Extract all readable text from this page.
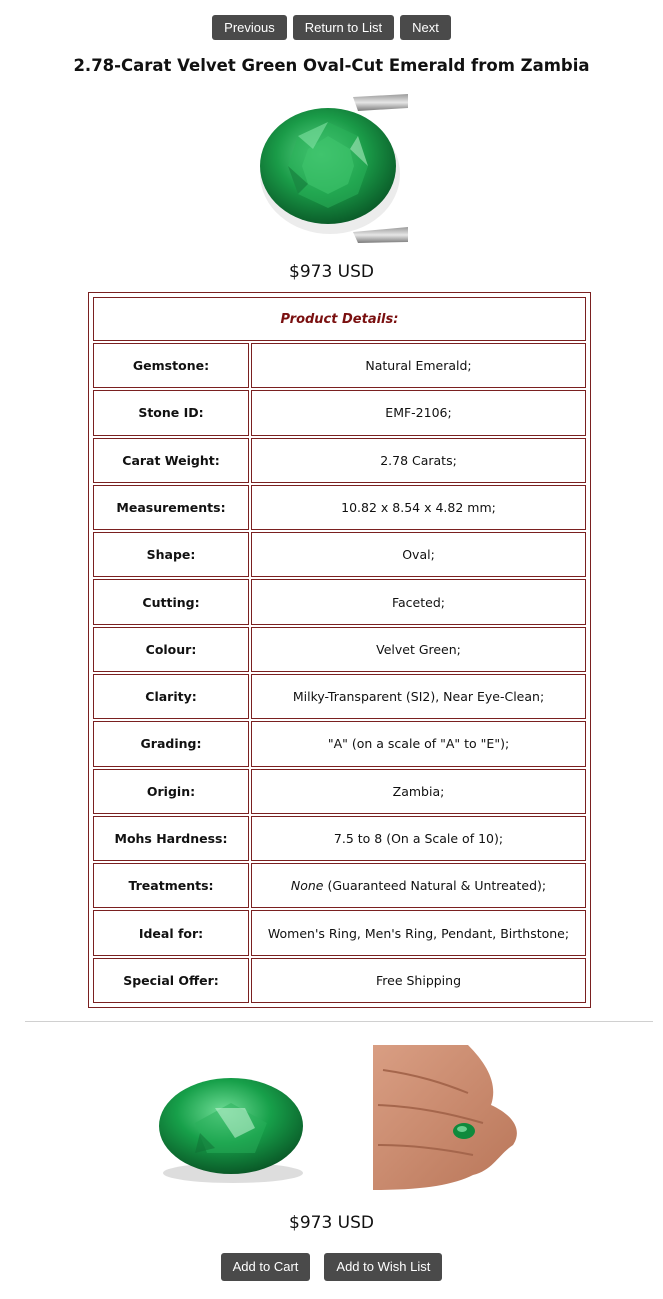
Previous	Return to List	Next
2.78-Carat Velvet Green Oval-Cut Emerald from Zambia
$973 USD
Product Details:	
Gemstone:	Natural Emerald;
Stone ID:	EMF-2106;
Carat Weight:	2.78 Carats;
Measurements:	10.82 x 8.54 x 4.82 mm;
Shape:	Oval;
Cutting:	Faceted;
Colour:	Velvet Green;
Clarity:	Milky-Transparent (SI2), Near Eye-Clean;
Grading:	"A" (on a scale of "A" to "E");
Origin:	Zambia;
Mohs Hardness:	7.5 to 8 (On a Scale of 10);
Treatments:	None (Guaranteed Natural & Untreated);
Ideal for:	Women's Ring, Men's Ring, Pendant, Birthstone;
Special Offer:	Free Shipping
$973 USD
Add to Cart	Add to Wish List
